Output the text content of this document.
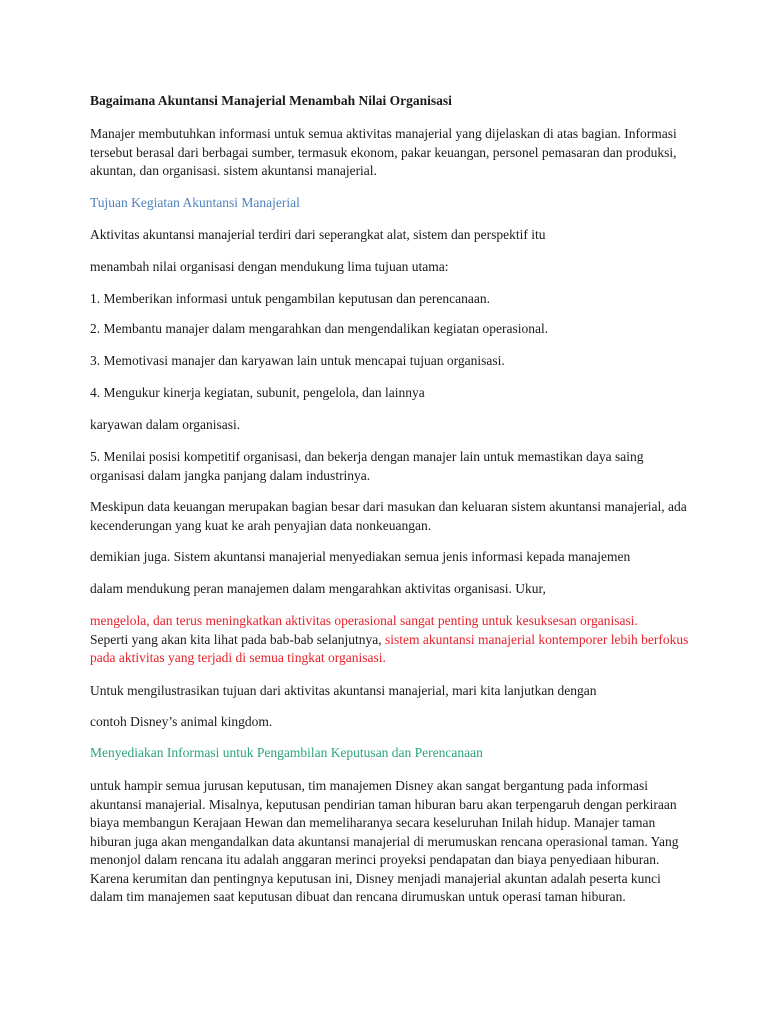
Bagaimana Akuntansi Manajerial Menambah Nilai Organisasi

Manajer membutuhkan informasi untuk semua aktivitas manajerial yang dijelaskan di atas bagian. Informasi tersebut berasal dari berbagai sumber, termasuk ekonom, pakar keuangan, personel pemasaran dan produksi, akuntan, dan organisasi. sistem akuntansi manajerial.

Tujuan Kegiatan Akuntansi Manajerial

Aktivitas akuntansi manajerial terdiri dari seperangkat alat, sistem dan perspektif itu

menambah nilai organisasi dengan mendukung lima tujuan utama:

1. Memberikan informasi untuk pengambilan keputusan dan perencanaan.

2. Membantu manajer dalam mengarahkan dan mengendalikan kegiatan operasional.

3. Memotivasi manajer dan karyawan lain untuk mencapai tujuan organisasi.

4. Mengukur kinerja kegiatan, subunit, pengelola, dan lainnya

karyawan dalam organisasi.

5. Menilai posisi kompetitif organisasi, dan bekerja dengan manajer lain untuk memastikan daya saing organisasi dalam jangka panjang dalam industrinya.

Meskipun data keuangan merupakan bagian besar dari masukan dan keluaran sistem akuntansi manajerial, ada kecenderungan yang kuat ke arah penyajian data nonkeuangan.

demikian juga. Sistem akuntansi manajerial menyediakan semua jenis informasi kepada manajemen

dalam mendukung peran manajemen dalam mengarahkan aktivitas organisasi. Ukur,

mengelola, dan terus meningkatkan aktivitas operasional sangat penting untuk kesuksesan organisasi.
Seperti yang akan kita lihat pada bab-bab selanjutnya, sistem akuntansi manajerial kontemporer lebih berfokus pada aktivitas yang terjadi di semua tingkat organisasi.

Untuk mengilustrasikan tujuan dari aktivitas akuntansi manajerial, mari kita lanjutkan dengan

contoh Disney’s animal kingdom.

Menyediakan Informasi untuk Pengambilan Keputusan dan Perencanaan

untuk hampir semua jurusan keputusan, tim manajemen Disney akan sangat bergantung pada informasi akuntansi manajerial. Misalnya, keputusan pendirian taman hiburan baru akan terpengaruh dengan perkiraan biaya membangun Kerajaan Hewan dan memeliharanya secara keseluruhan Inilah hidup. Manajer taman hiburan juga akan mengandalkan data akuntansi manajerial di merumuskan rencana operasional taman. Yang menonjol dalam rencana itu adalah anggaran merinci proyeksi pendapatan dan biaya penyediaan hiburan. Karena kerumitan dan pentingnya keputusan ini, Disney menjadi manajerial akuntan adalah peserta kunci dalam tim manajemen saat keputusan dibuat dan rencana dirumuskan untuk operasi taman hiburan.
